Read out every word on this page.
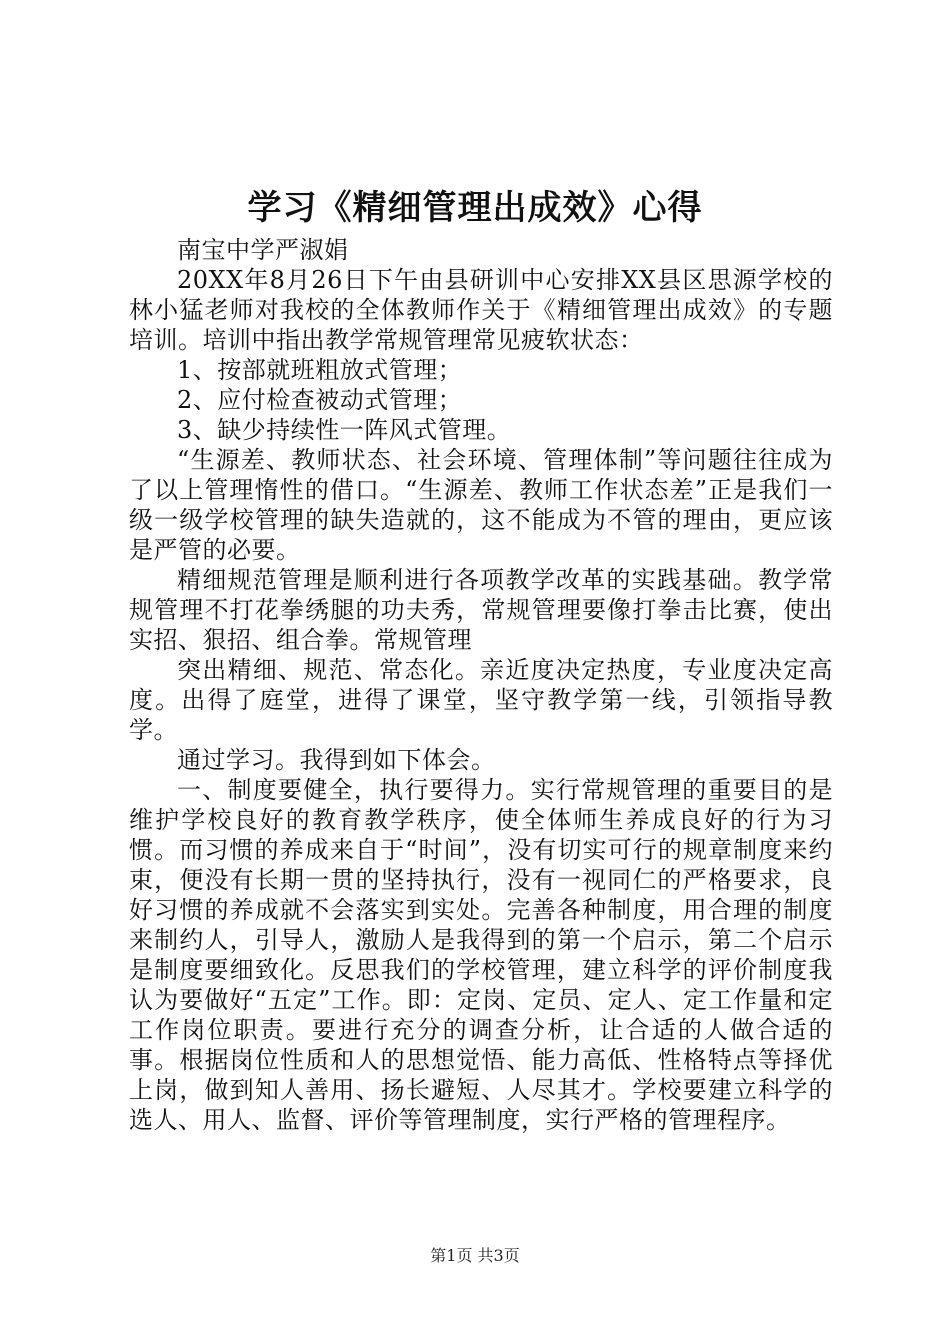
学习《精细管理出成效》心得

南宝中学严淑娟

20XX年8月26日下午由县研训中心安排XX县区思源学校的林小猛老师对我校的全体教师作关于《精细管理出成效》的专题培训。培训中指出教学常规管理常见疲软状态：

1、按部就班粗放式管理；

2、应付检查被动式管理；

3、缺少持续性一阵风式管理。

“生源差、教师状态、社会环境、管理体制”等问题往往成为了以上管理惰性的借口。“生源差、教师工作状态差”正是我们一级一级学校管理的缺失造就的，这不能成为不管的理由，更应该是严管的必要。

精细规范管理是顺利进行各项教学改革的实践基础。教学常规管理不打花拳绣腿的功夫秀，常规管理要像打拳击比赛，使出实招、狠招、组合拳。常规管理

突出精细、规范、常态化。亲近度决定热度，专业度决定高度。出得了庭堂，进得了课堂，坚守教学第一线，引领指导教学。

通过学习。我得到如下体会。

一、制度要健全，执行要得力。实行常规管理的重要目的是维护学校良好的教育教学秩序，使全体师生养成良好的行为习惯。而习惯的养成来自于“时间”，没有切实可行的规章制度来约束，便没有长期一贯的坚持执行，没有一视同仁的严格要求，良好习惯的养成就不会落实到实处。完善各种制度，用合理的制度来制约人，引导人，激励人是我得到的第一个启示，第二个启示是制度要细致化。反思我们的学校管理，建立科学的评价制度我认为要做好“五定”工作。即：定岗、定员、定人、定工作量和定工作岗位职责。要进行充分的调查分析，让合适的人做合适的事。根据岗位性质和人的思想觉悟、能力高低、性格特点等择优上岗，做到知人善用、扬长避短、人尽其才。学校要建立科学的选人、用人、监督、评价等管理制度，实行严格的管理程序。

第1页 共3页
